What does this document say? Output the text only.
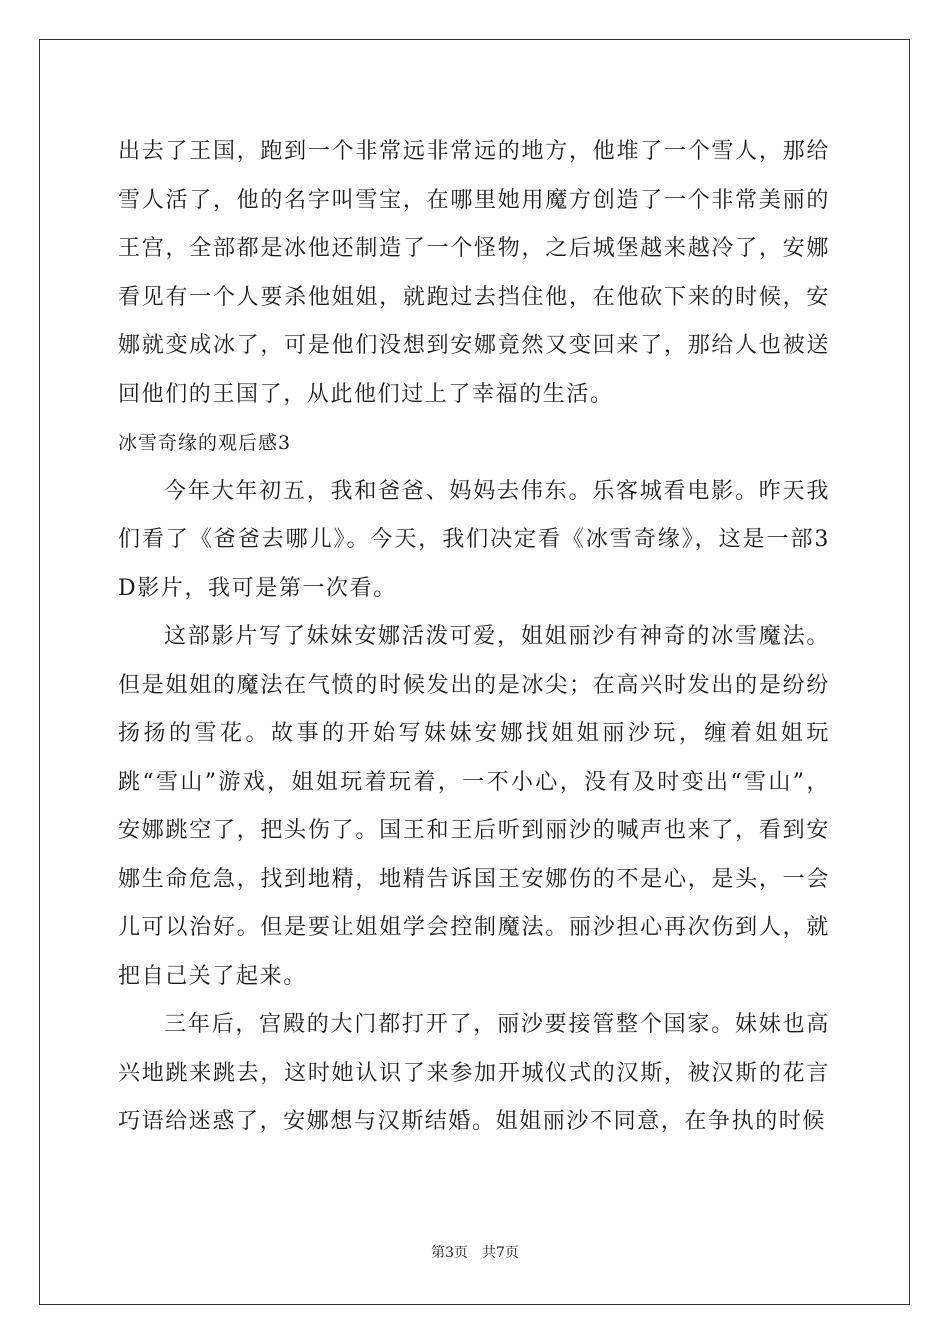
出去了王国，跑到一个非常远非常远的地方，他堆了一个雪人，那给雪人活了，他的名字叫雪宝，在哪里她用魔方创造了一个非常美丽的王宫，全部都是冰他还制造了一个怪物，之后城堡越来越冷了，安娜看见有一个人要杀他姐姐，就跑过去挡住他，在他砍下来的时候，安娜就变成冰了，可是他们没想到安娜竟然又变回来了，那给人也被送回他们的王国了，从此他们过上了幸福的生活。

冰雪奇缘的观后感3

今年大年初五，我和爸爸、妈妈去伟东。乐客城看电影。昨天我们看了《爸爸去哪儿》。今天，我们决定看《冰雪奇缘》，这是一部3D影片，我可是第一次看。

这部影片写了妹妹安娜活泼可爱，姐姐丽沙有神奇的冰雪魔法。但是姐姐的魔法在气愤的时候发出的是冰尖；在高兴时发出的是纷纷扬扬的雪花。故事的开始写妹妹安娜找姐姐丽沙玩，缠着姐姐玩跳“雪山”游戏，姐姐玩着玩着，一不小心，没有及时变出“雪山”，安娜跳空了，把头伤了。国王和王后听到丽沙的喊声也来了，看到安娜生命危急，找到地精，地精告诉国王安娜伤的不是心，是头，一会儿可以治好。但是要让姐姐学会控制魔法。丽沙担心再次伤到人，就把自己关了起来。

三年后，宫殿的大门都打开了，丽沙要接管整个国家。妹妹也高兴地跳来跳去，这时她认识了来参加开城仪式的汉斯，被汉斯的花言巧语给迷惑了，安娜想与汉斯结婚。姐姐丽沙不同意，在争执的时候

第3页 共7页
